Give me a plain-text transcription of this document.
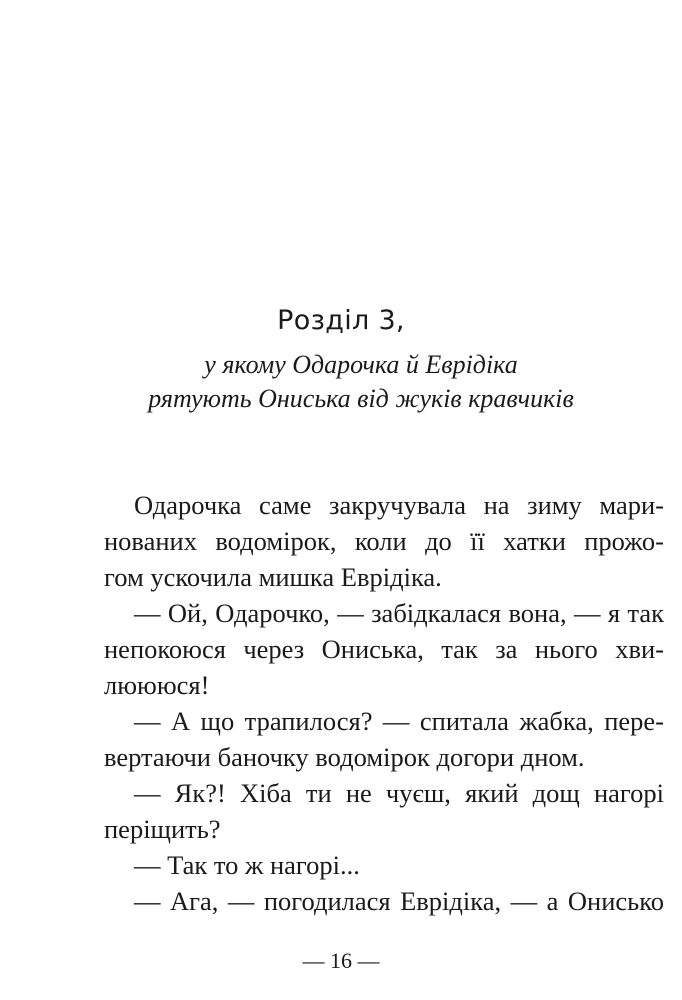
Розділ 3,

у якому Одарочка й Еврідіка

рятують Ониська від жуків кравчиків

Одарочка саме закручувала на зиму мари-
нованих водомірок, коли до її хатки прожо-
гом ускочила мишка Еврідіка.
— Ой, Одарочко, — забідкалася вона, — я так
непокоюся через Ониська, так за нього хви-
люююся!
— А що трапилося? — спитала жабка, пере-
вертаючи баночку водомірок догори дном.
— Як?! Хіба ти не чуєш, який дощ нагорі
періщить?
— Так то ж нагорі...
— Ага, — погодилася Еврідіка, — а Онисько

— 16 —
